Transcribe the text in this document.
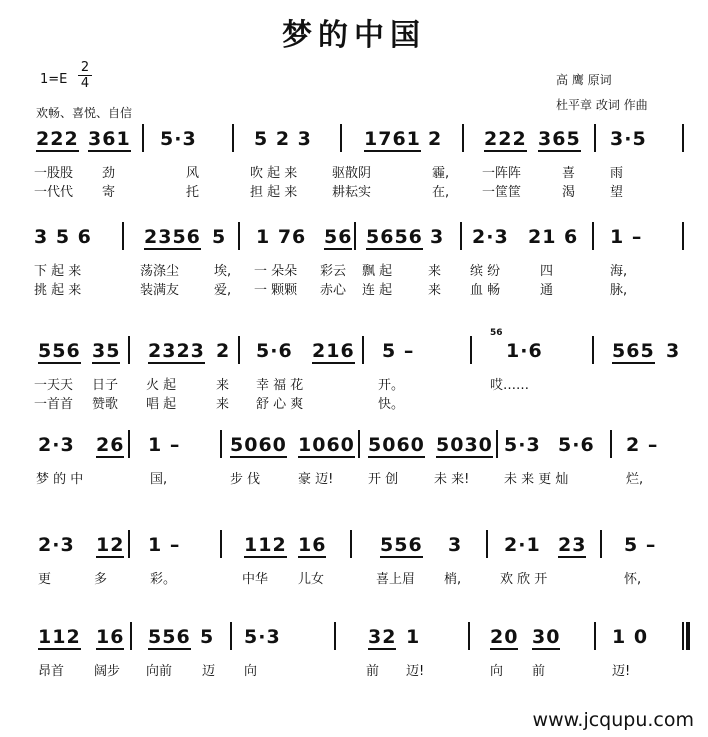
梦的中国
高 鹰 原词
杜平章 改词 作曲
1=E
2
4
欢畅、喜悦、自信
222 361 5·3	5 2 3	1761 2 222 365 3·5
一股股 劲	风	吹 起 来	驱散阴	霾,	一阵阵	喜	雨
一代代 寄	托	担 起 来	耕耘实	在,	一筐筐	渴	望
3 5 6	2356 5 1 76 56 5656 3 2·3 21 6 1 –
下 起 来	荡涤尘	埃, 一 朵朵 彩云 飘 起	来 缤 纷	四	海,
挑 起 来	装满友	爱, 一 颗颗 赤心 连 起	来 血 畅	通	脉,
556 35 2323 2 5·6 216 5 –
56
1·6	565 3
一天天 日子 火 起	来 幸 福 花	开。	哎……
一首首 赞歌 唱 起	来 舒 心 爽	快。
2·3 26 1 –	5060 1060 5060 5030 5·3 5·6 2 –
梦 的 中	国,	步 伐	豪 迈!	开 创	未 来!	未 来 更 灿	烂,
2·3 12 1 –	112 16	556 3 2·1 23 5 –
更	多	彩。	中华 儿女	喜上眉 梢,	欢 欣 开	怀,
112 16 556 5 5·3	32 1	20 30	1 0
昂首 阔步 向前 迈 向	前 迈!	向 前	迈!
www.jcqupu.com
